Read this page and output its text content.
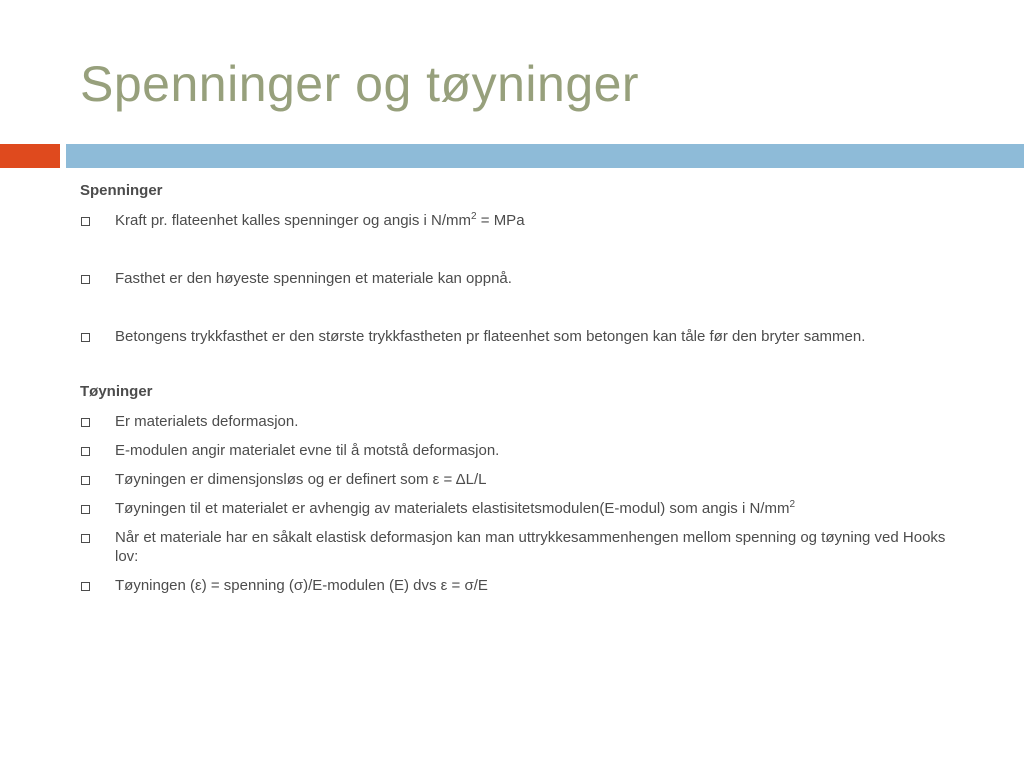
Spenninger og tøyninger

Spenninger

Kraft pr. flateenhet kalles spenninger og angis i $N/mm^2$ = MPa
Fasthet er den høyeste spenningen et materiale kan oppnå.
Betongens trykkfasthet er den største trykkfastheten pr flateenhet som betongen kan tåle før den bryter sammen.

Tøyninger

Er materialets deformasjon.
E-modulen angir materialet evne til å motstå deformasjon.
Tøyningen er dimensjonsløs og er definert som ε = ΔL/L
Tøyningen til et materialet er avhengig av materialets elastisitetsmodulen(E-modul) som angis i $N/mm^2$
Når et materiale har en såkalt elastisk deformasjon kan man uttrykkesammenhengen mellom spenning og tøyning ved Hooks lov:
Tøyningen (ε) = spenning (σ)/E-modulen (E) dvs ε = σ/E
